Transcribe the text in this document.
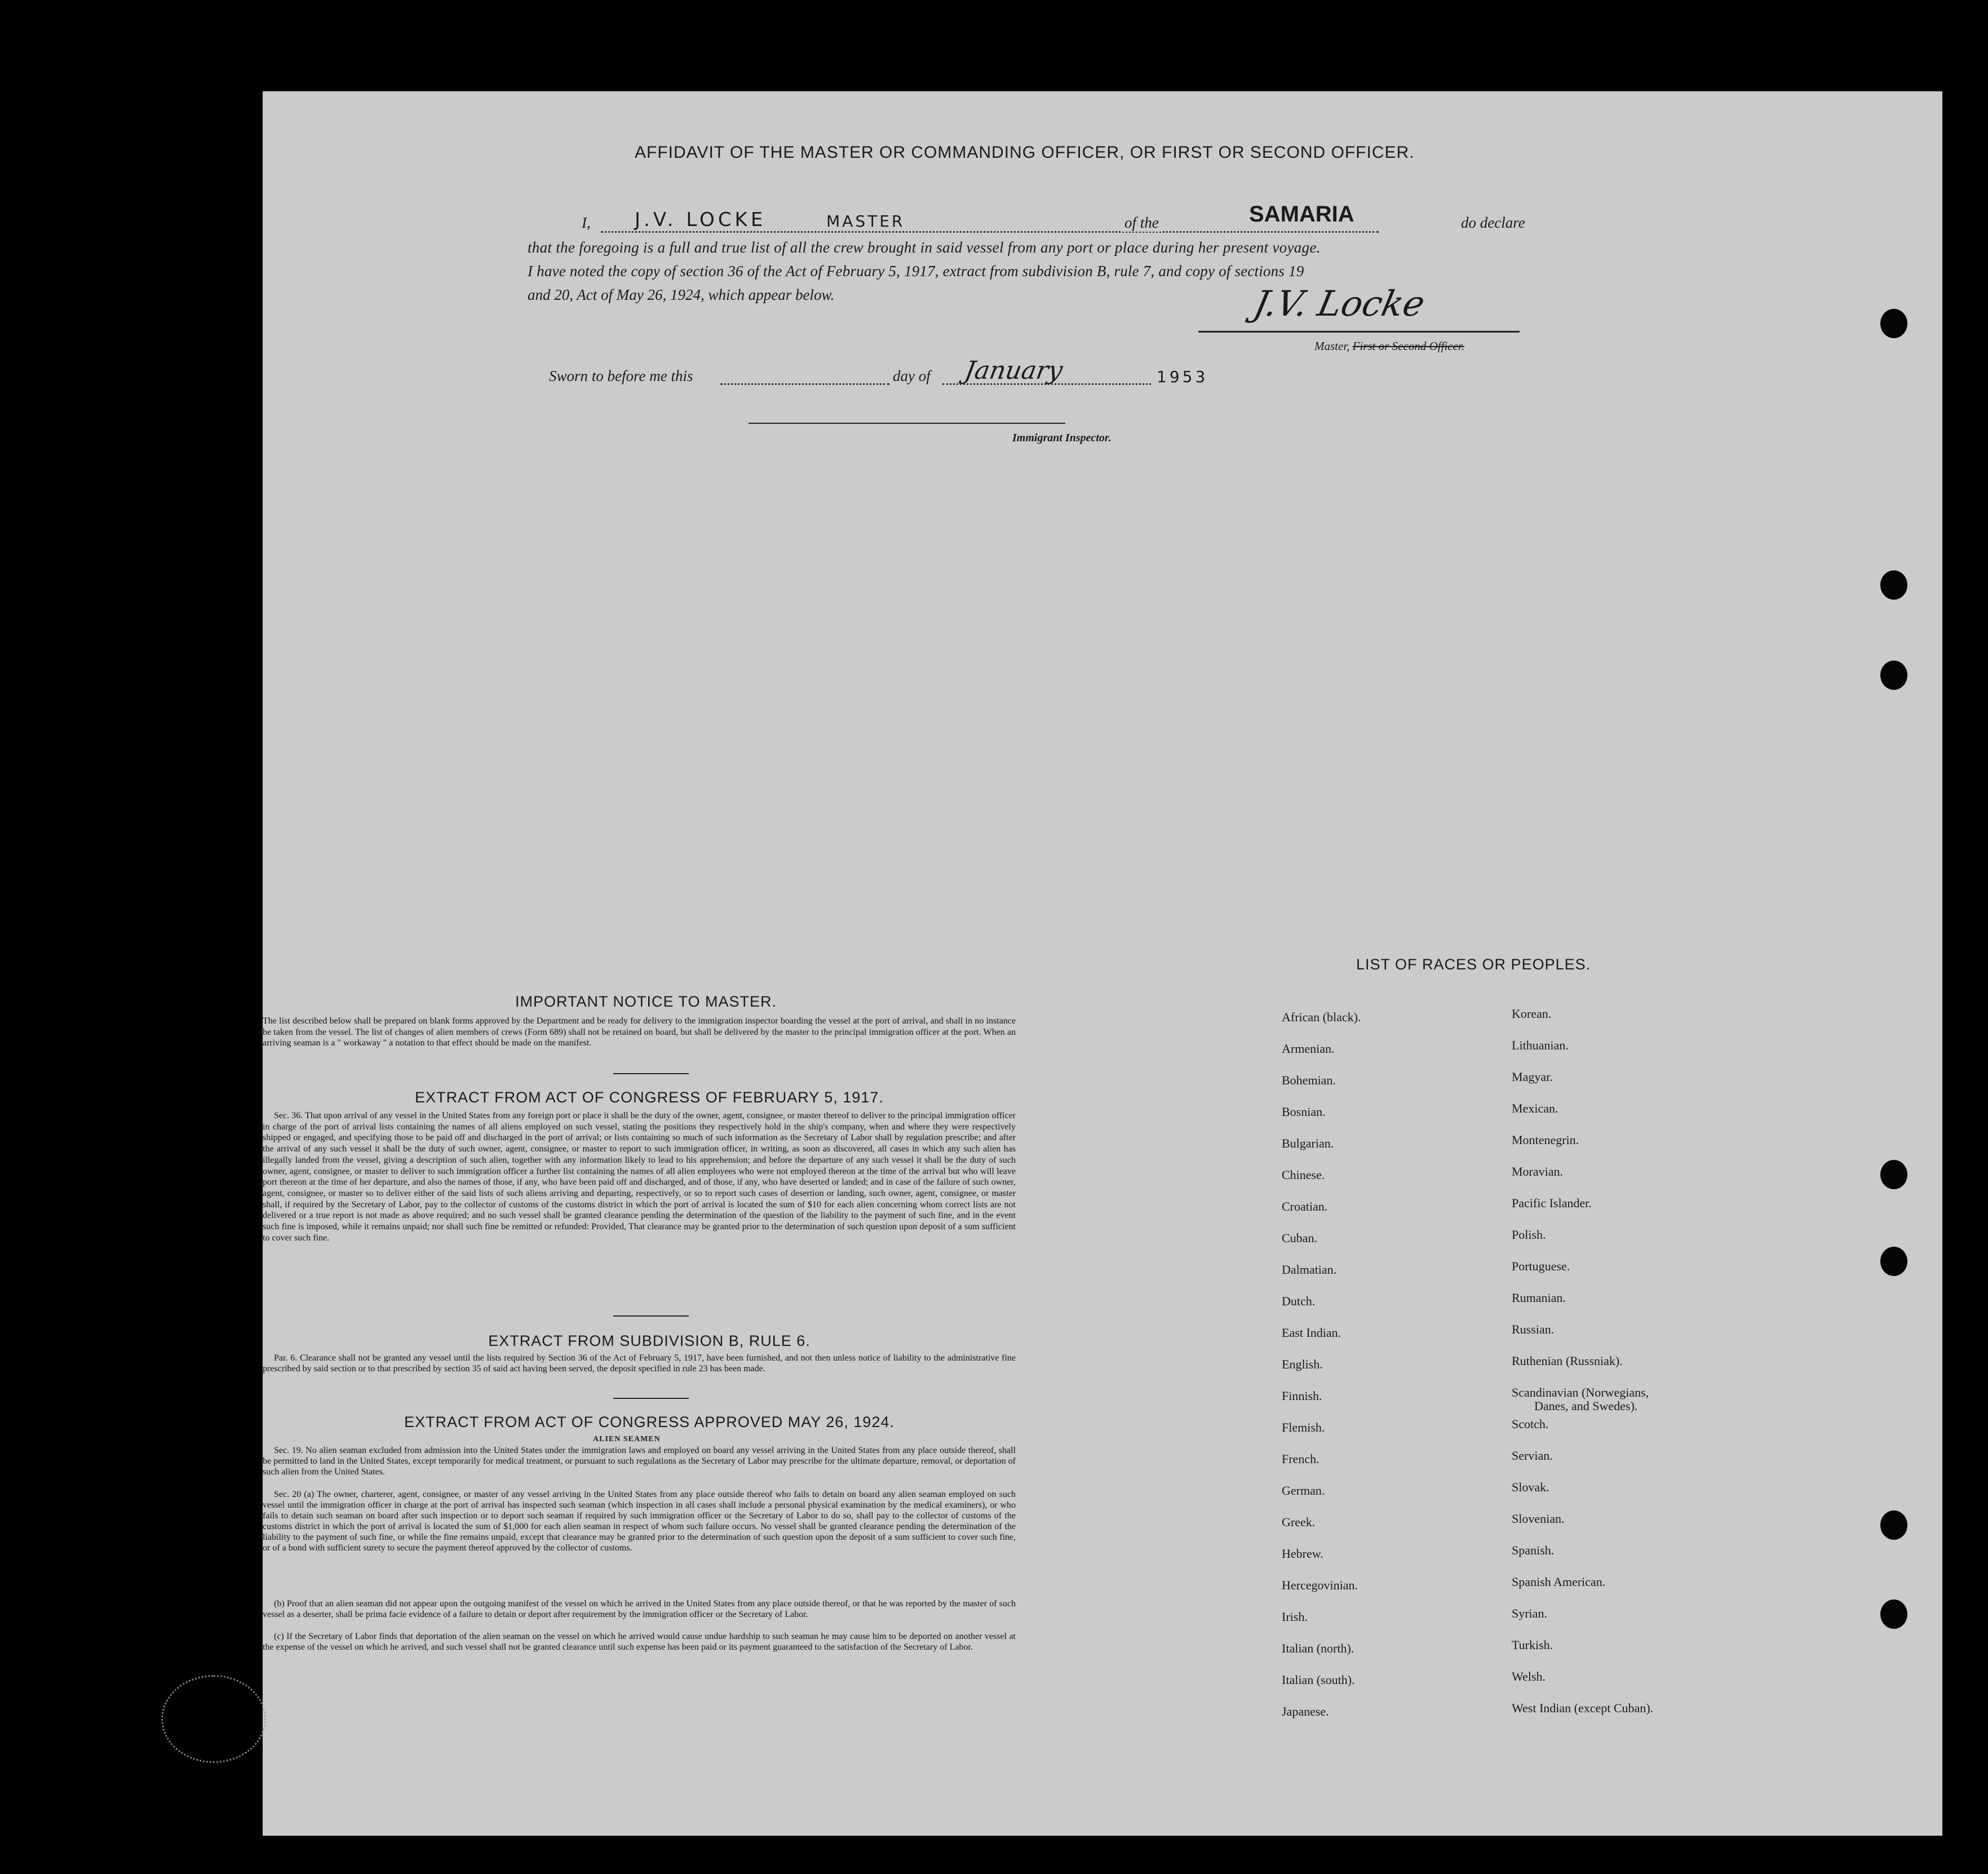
AFFIDAVIT OF THE MASTER OR COMMANDING OFFICER, OR FIRST OR SECOND OFFICER.
I, J.V. LOCKE	MASTER	of the	SAMARIA	do declare
that the foregoing is a full and true list of all the crew brought in said vessel from any port or place during her present voyage.
I have noted the copy of section 36 of the Act of February 5, 1917, extract from subdivision B, rule 7, and copy of sections 19
and 20, Act of May 26, 1924, which appear below.	J.V. Locke
Master, First or Second Officer.
Sworn to before me this	day of January	1953
Immigrant Inspector.
IMPORTANT NOTICE TO MASTER.
The list described below shall be prepared on blank forms approved by the Department and be ready for delivery to the immigration inspector boarding the vessel at the port of arrival, and shall in no instance be taken from the vessel. The list of changes of alien members of crews (Form 689) shall not be retained on board, but shall be delivered by the master to the principal immigration officer at the port. When an arriving seaman is a " workaway " a notation to that effect should be made on the manifest.
EXTRACT FROM ACT OF CONGRESS OF FEBRUARY 5, 1917.
Sec. 36. That upon arrival of any vessel in the United States from any foreign port or place it shall be the duty of the owner, agent, consignee, or master thereof to deliver to the principal immigration officer in charge of the port of arrival lists containing the names of all aliens employed on such vessel, stating the positions they respectively hold in the ship's company, when and where they were respectively shipped or engaged, and specifying those to be paid off and discharged in the port of arrival; or lists containing so much of such information as the Secretary of Labor shall by regulation prescribe; and after the arrival of any such vessel it shall be the duty of such owner, agent, consignee, or master to report to such immigration officer, in writing, as soon as discovered, all cases in which any such alien has illegally landed from the vessel, giving a description of such alien, together with any information likely to lead to his apprehension; and before the departure of any such vessel it shall be the duty of such owner, agent, consignee, or master to deliver to such immigration officer a further list containing the names of all alien employees who were not employed thereon at the time of the arrival but who will leave port thereon at the time of her departure, and also the names of those, if any, who have been paid off and discharged, and of those, if any, who have deserted or landed; and in case of the failure of such owner, agent, consignee, or master so to deliver either of the said lists of such aliens arriving and departing, respectively, or so to report such cases of desertion or landing, such owner, agent, consignee, or master shall, if required by the Secretary of Labor, pay to the collector of customs of the customs district in which the port of arrival is located the sum of $10 for each alien concerning whom correct lists are not delivered or a true report is not made as above required; and no such vessel shall be granted clearance pending the determination of the question of the liability to the payment of such fine, and in the event such fine is imposed, while it remains unpaid; nor shall such fine be remitted or refunded: Provided, That clearance may be granted prior to the determination of such question upon deposit of a sum sufficient to cover such fine.
EXTRACT FROM SUBDIVISION B, RULE 6.
Par. 6. Clearance shall not be granted any vessel until the lists required by Section 36 of the Act of February 5, 1917, have been furnished, and not then unless notice of liability to the administrative fine prescribed by said section or to that prescribed by section 35 of said act having been served, the deposit specified in rule 23 has been made.
EXTRACT FROM ACT OF CONGRESS APPROVED MAY 26, 1924.
ALIEN SEAMEN
Sec. 19. No alien seaman excluded from admission into the United States under the immigration laws and employed on board any vessel arriving in the United States from any place outside thereof, shall be permitted to land in the United States, except temporarily for medical treatment, or pursuant to such regulations as the Secretary of Labor may prescribe for the ultimate departure, removal, or deportation of such alien from the United States.
Sec. 20 (a) The owner, charterer, agent, consignee, or master of any vessel arriving in the United States from any place outside thereof who fails to detain on board any alien seaman employed on such vessel until the immigration officer in charge at the port of arrival has inspected such seaman (which inspection in all cases shall include a personal physical examination by the medical examiners), or who fails to detain such seaman on board after such inspection or to deport such seaman if required by such immigration officer or the Secretary of Labor to do so, shall pay to the collector of customs of the customs district in which the port of arrival is located the sum of $1,000 for each alien seaman in respect of whom such failure occurs. No vessel shall be granted clearance pending the determination of the liability to the payment of such fine, or while the fine remains unpaid, except that clearance may be granted prior to the determination of such question upon the deposit of a sum sufficient to cover such fine, or of a bond with sufficient surety to secure the payment thereof approved by the collector of customs.
(b) Proof that an alien seaman did not appear upon the outgoing manifest of the vessel on which he arrived in the United States from any place outside thereof, or that he was reported by the master of such vessel as a deserter, shall be prima facie evidence of a failure to detain or deport after requirement by the immigration officer or the Secretary of Labor.
(c) If the Secretary of Labor finds that deportation of the alien seaman on the vessel on which he arrived would cause undue hardship to such seaman he may cause him to be deported on another vessel at the expense of the vessel on which he arrived, and such vessel shall not be granted clearance until such expense has been paid or its payment guaranteed to the satisfaction of the Secretary of Labor.
LIST OF RACES OR PEOPLES.
African (black).
Armenian.
Bohemian.
Bosnian.
Bulgarian.
Chinese.
Croatian.
Cuban.
Dalmatian.
Dutch.
East Indian.
English.
Finnish.
Flemish.
French.
German.
Greek.
Hebrew.
Hercegovinian.
Irish.
Italian (north).
Italian (south).
Japanese.
Korean.
Lithuanian.
Magyar.
Mexican.
Montenegrin.
Moravian.
Pacific Islander.
Polish.
Portuguese.
Rumanian.
Russian.
Ruthenian (Russniak).
Scandinavian (Norwegians,
Danes, and Swedes).
Scotch.
Servian.
Slovak.
Slovenian.
Spanish.
Spanish American.
Syrian.
Turkish.
Welsh.
West Indian (except Cuban).
